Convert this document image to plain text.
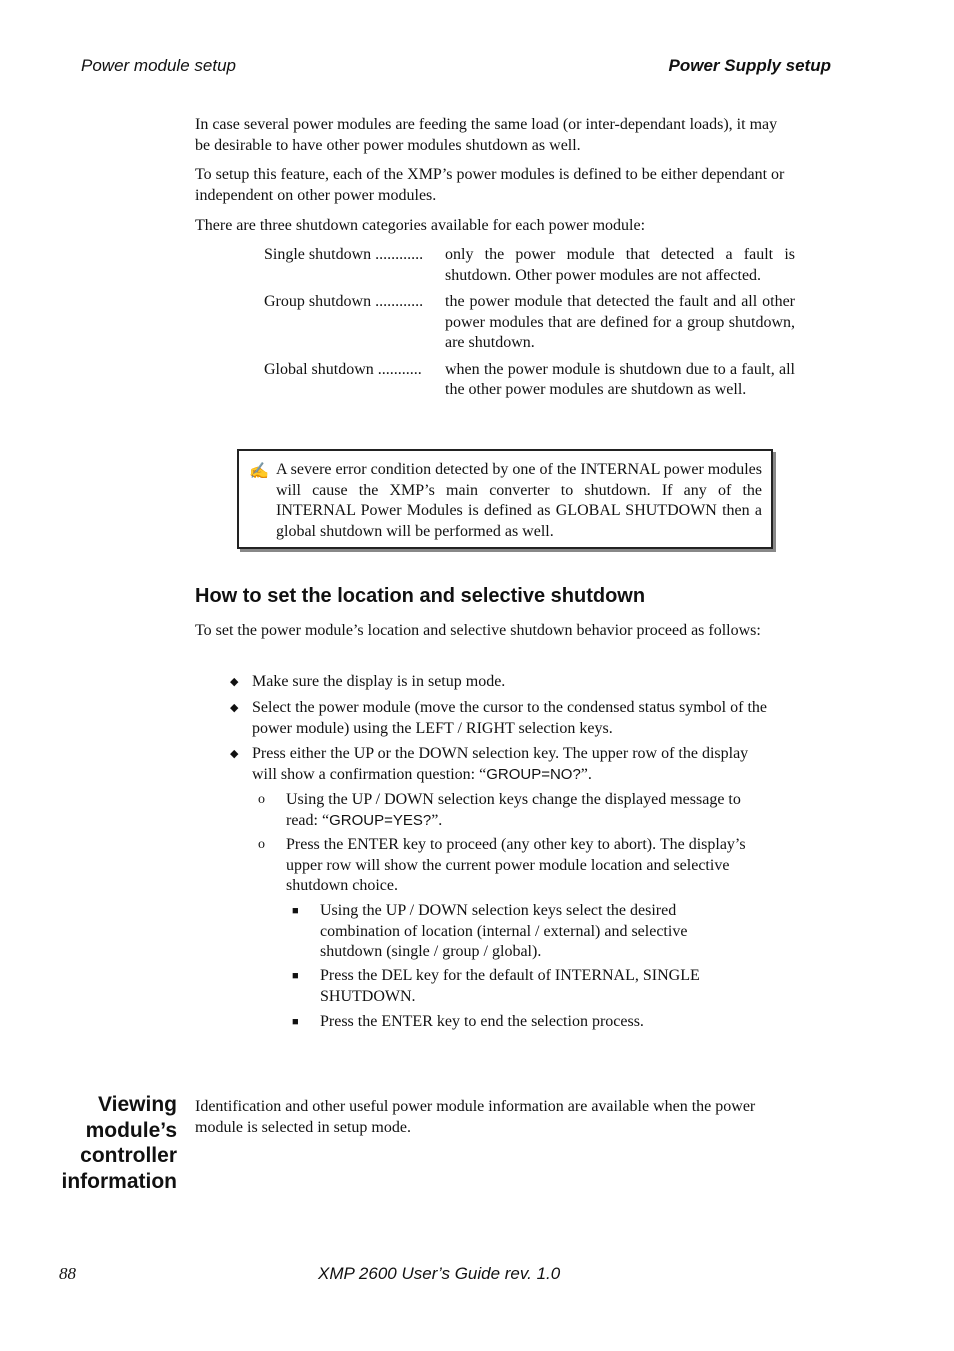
Power module setup	Power Supply setup

In case several power modules are feeding the same load (or inter-dependant loads), it may be desirable to have other power modules shutdown as well.

To setup this feature, each of the XMP’s power modules is defined to be either dependant or independent on other power modules.

There are three shutdown categories available for each power module:

Single shutdown ............	only the power module that detected a fault is shutdown. Other power modules are not affected.
Group shutdown ............	the power module that detected the fault and all other power modules that are defined for a group shutdown, are shutdown.
Global shutdown ...........	when the power module is shutdown due to a fault, all the other power modules are shutdown as well.
✍ A severe error condition detected by one of the INTERNAL power modules will cause the XMP’s main converter to shutdown. If any of the INTERNAL Power Modules is defined as GLOBAL SHUTDOWN then a global shutdown will be performed as well.
How to set the location and selective shutdown

To set the power module’s location and selective shutdown behavior proceed as follows:

◆ Make sure the display is in setup mode.
◆ Select the power module (move the cursor to the condensed status symbol of the power module) using the LEFT / RIGHT selection keys.
◆ Press either the UP or the DOWN selection key. The upper row of the display will show a confirmation question: “GROUP=NO?”.
o Using the UP / DOWN selection keys change the displayed message to read: “GROUP=YES?”.
o Press the ENTER key to proceed (any other key to abort). The display’s upper row will show the current power module location and selective shutdown choice.
■ Using the UP / DOWN selection keys select the desired combination of location (internal / external) and selective shutdown (single / group / global).
■ Press the DEL key for the default of INTERNAL, SINGLE SHUTDOWN.
■ Press the ENTER key to end the selection process.
Viewing
module’s
controller
information

Identification and other useful power module information are available when the power module is selected in setup mode.

88	XMP 2600 User’s Guide rev. 1.0
